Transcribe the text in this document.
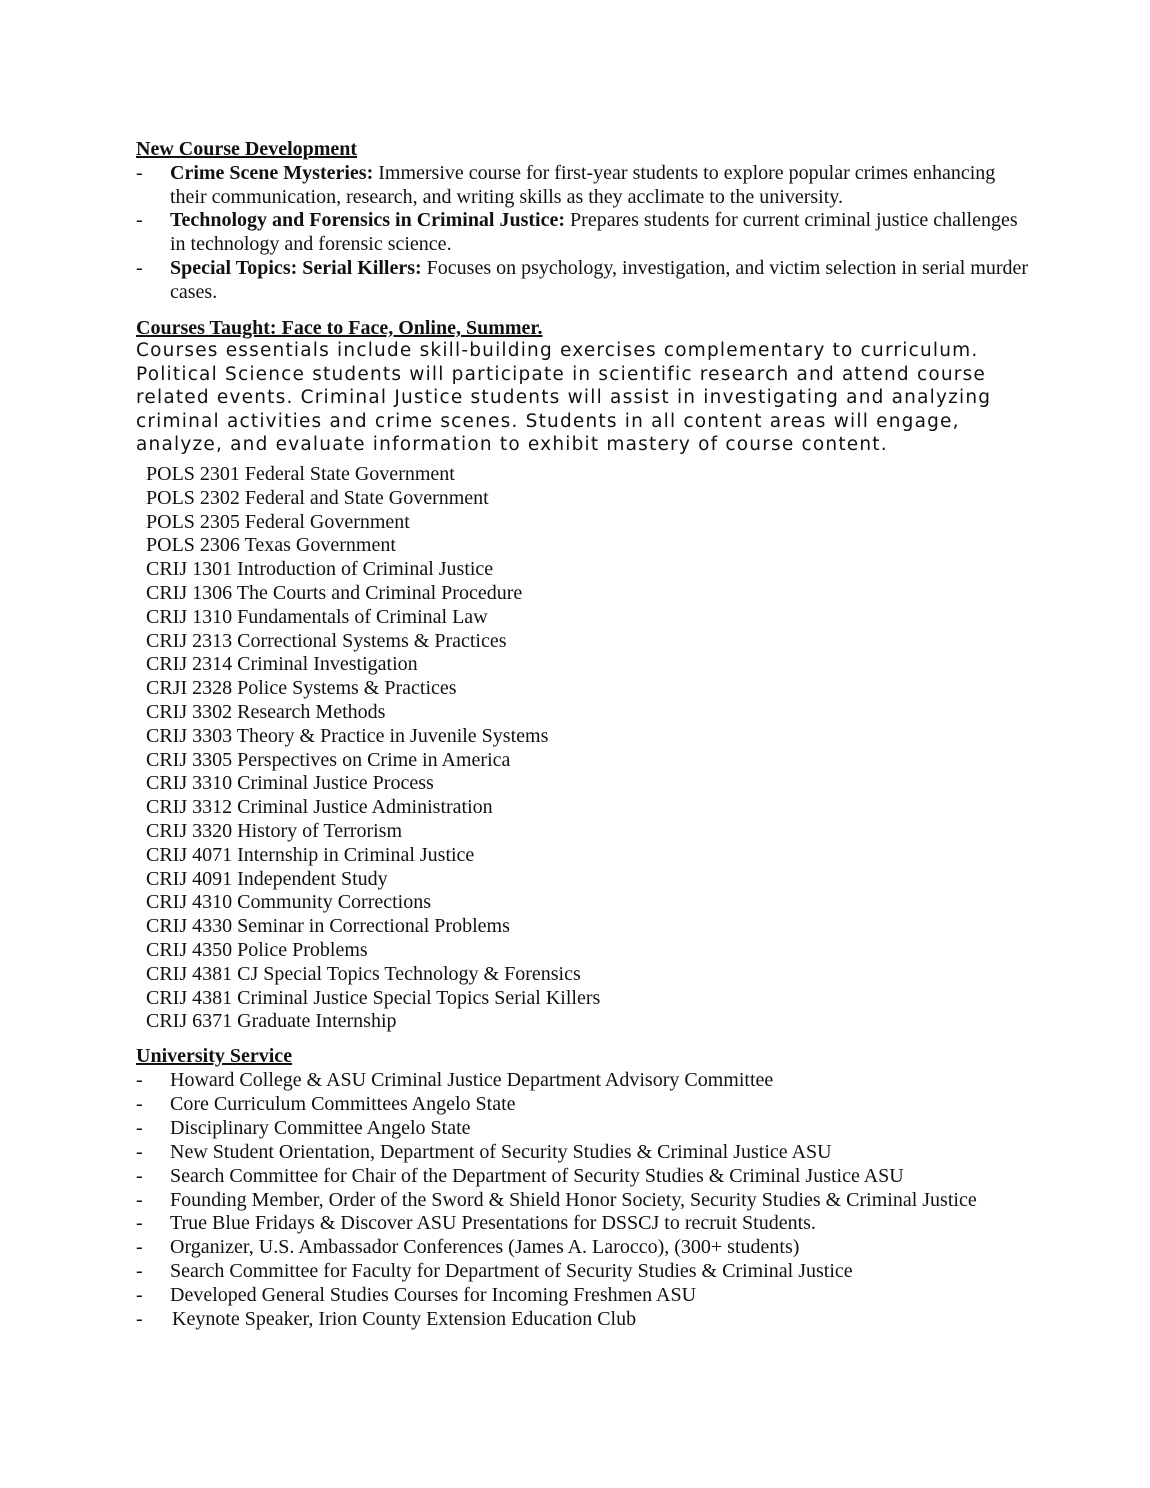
New Course Development
- Crime Scene Mysteries: Immersive course for first-year students to explore popular crimes enhancing their communication, research, and writing skills as they acclimate to the university.
- Technology and Forensics in Criminal Justice: Prepares students for current criminal justice challenges in technology and forensic science.
- Special Topics: Serial Killers: Focuses on psychology, investigation, and victim selection in serial murder cases.
Courses Taught: Face to Face, Online, Summer.
Courses essentials include skill-building exercises complementary to curriculum. Political Science students will participate in scientific research and attend course related events. Criminal Justice students will assist in investigating and analyzing criminal activities and crime scenes. Students in all content areas will engage, analyze, and evaluate information to exhibit mastery of course content.
POLS 2301 Federal State Government
POLS 2302 Federal and State Government
POLS 2305 Federal Government
POLS 2306 Texas Government
CRIJ 1301 Introduction of Criminal Justice
CRIJ 1306 The Courts and Criminal Procedure
CRIJ 1310 Fundamentals of Criminal Law
CRIJ 2313 Correctional Systems & Practices
CRIJ 2314 Criminal Investigation
CRJI 2328 Police Systems & Practices
CRIJ 3302 Research Methods
CRIJ 3303 Theory & Practice in Juvenile Systems
CRIJ 3305 Perspectives on Crime in America
CRIJ 3310 Criminal Justice Process
CRIJ 3312 Criminal Justice Administration
CRIJ 3320 History of Terrorism
CRIJ 4071 Internship in Criminal Justice
CRIJ 4091 Independent Study
CRIJ 4310 Community Corrections
CRIJ 4330 Seminar in Correctional Problems
CRIJ 4350 Police Problems
CRIJ 4381 CJ Special Topics Technology & Forensics
CRIJ 4381 Criminal Justice Special Topics Serial Killers
CRIJ 6371 Graduate Internship
University Service
- Howard College & ASU Criminal Justice Department Advisory Committee
- Core Curriculum Committees Angelo State
- Disciplinary Committee Angelo State
- New Student Orientation, Department of Security Studies & Criminal Justice ASU
- Search Committee for Chair of the Department of Security Studies & Criminal Justice ASU
- Founding Member, Order of the Sword & Shield Honor Society, Security Studies & Criminal Justice
- True Blue Fridays & Discover ASU Presentations for DSSCJ to recruit Students.
- Organizer, U.S. Ambassador Conferences (James A. Larocco), (300+ students)
- Search Committee for Faculty for Department of Security Studies & Criminal Justice
- Developed General Studies Courses for Incoming Freshmen ASU
- Keynote Speaker, Irion County Extension Education Club
